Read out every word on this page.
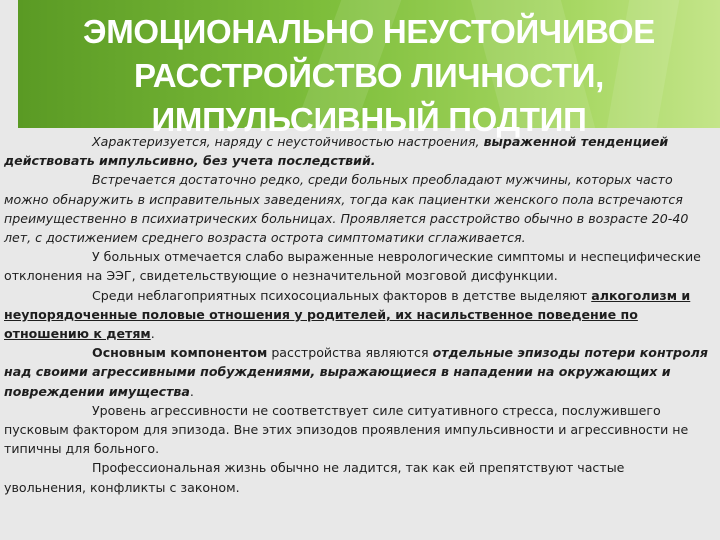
ЭМОЦИОНАЛЬНО НЕУСТОЙЧИВОЕ
РАССТРОЙСТВО ЛИЧНОСТИ,
ИМПУЛЬСИВНЫЙ ПОДТИП

Характеризуется, наряду с неустойчивостью настроения, выраженной тенденцией действовать импульсивно, без учета последствий.

Встречается достаточно редко, среди больных преобладают мужчины, которых часто можно обнаружить в исправительных заведениях, тогда как пациентки женского пола встречаются преимущественно в психиатрических больницах. Проявляется расстройство обычно в возрасте 20-40 лет, с достижением среднего возраста острота симптоматики сглаживается.

У больных отмечается слабо выраженные неврологические симптомы и неспецифические отклонения на ЭЭГ, свидетельствующие о незначительной мозговой дисфункции.

Среди неблагоприятных психосоциальных факторов в детстве выделяют алкоголизм и неупорядоченные половые отношения у родителей, их насильственное поведение по отношению к детям.

Основным компонентом расстройства являются отдельные эпизоды потери контроля над своими агрессивными побуждениями, выражающиеся в нападении на окружающих и повреждении имущества.

Уровень агрессивности не соответствует силе ситуативного стресса, послужившего пусковым фактором для эпизода. Вне этих эпизодов проявления импульсивности и агрессивности не типичны для больного.

Профессиональная жизнь обычно не ладится, так как ей препятствуют частые увольнения, конфликты с законом.
